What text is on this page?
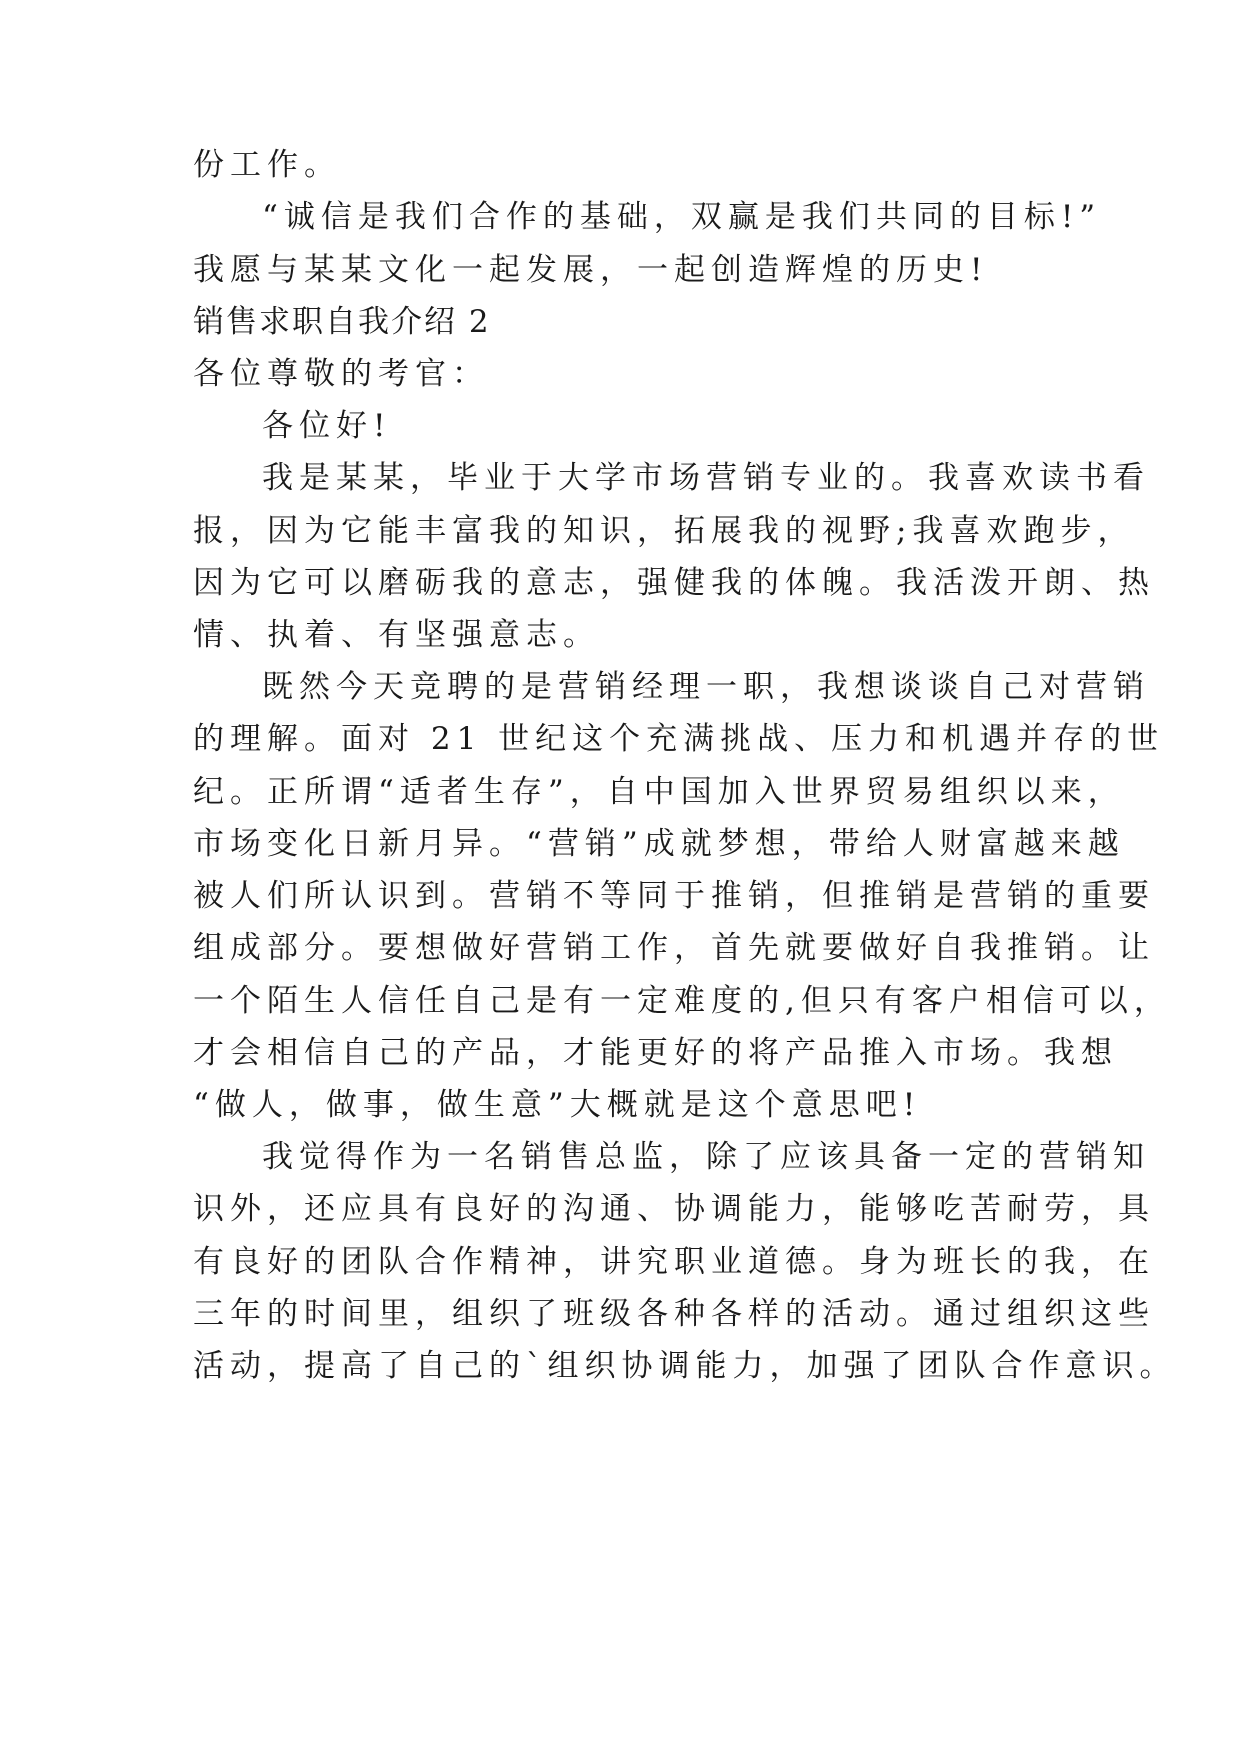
份工作。
“诚信是我们合作的基础，双赢是我们共同的目标!”
我愿与某某文化一起发展，一起创造辉煌的历史!
销售求职自我介绍 2
各位尊敬的考官：
各位好!
我是某某，毕业于大学市场营销专业的。我喜欢读书看
报，因为它能丰富我的知识，拓展我的视野;我喜欢跑步，
因为它可以磨砺我的意志，强健我的体魄。我活泼开朗、热
情、执着、有坚强意志。
既然今天竞聘的是营销经理一职，我想谈谈自己对营销
的理解。面对 21 世纪这个充满挑战、压力和机遇并存的世
纪。正所谓“适者生存”，自中国加入世界贸易组织以来，
市场变化日新月异。“营销”成就梦想，带给人财富越来越
被人们所认识到。营销不等同于推销，但推销是营销的重要
组成部分。要想做好营销工作，首先就要做好自我推销。让
一个陌生人信任自己是有一定难度的,但只有客户相信可以，
才会相信自己的产品，才能更好的将产品推入市场。我想
“做人，做事，做生意”大概就是这个意思吧!
我觉得作为一名销售总监，除了应该具备一定的营销知
识外，还应具有良好的沟通、协调能力，能够吃苦耐劳，具
有良好的团队合作精神，讲究职业道德。身为班长的我，在
三年的时间里，组织了班级各种各样的活动。通过组织这些
活动，提高了自己的`组织协调能力，加强了团队合作意识。
